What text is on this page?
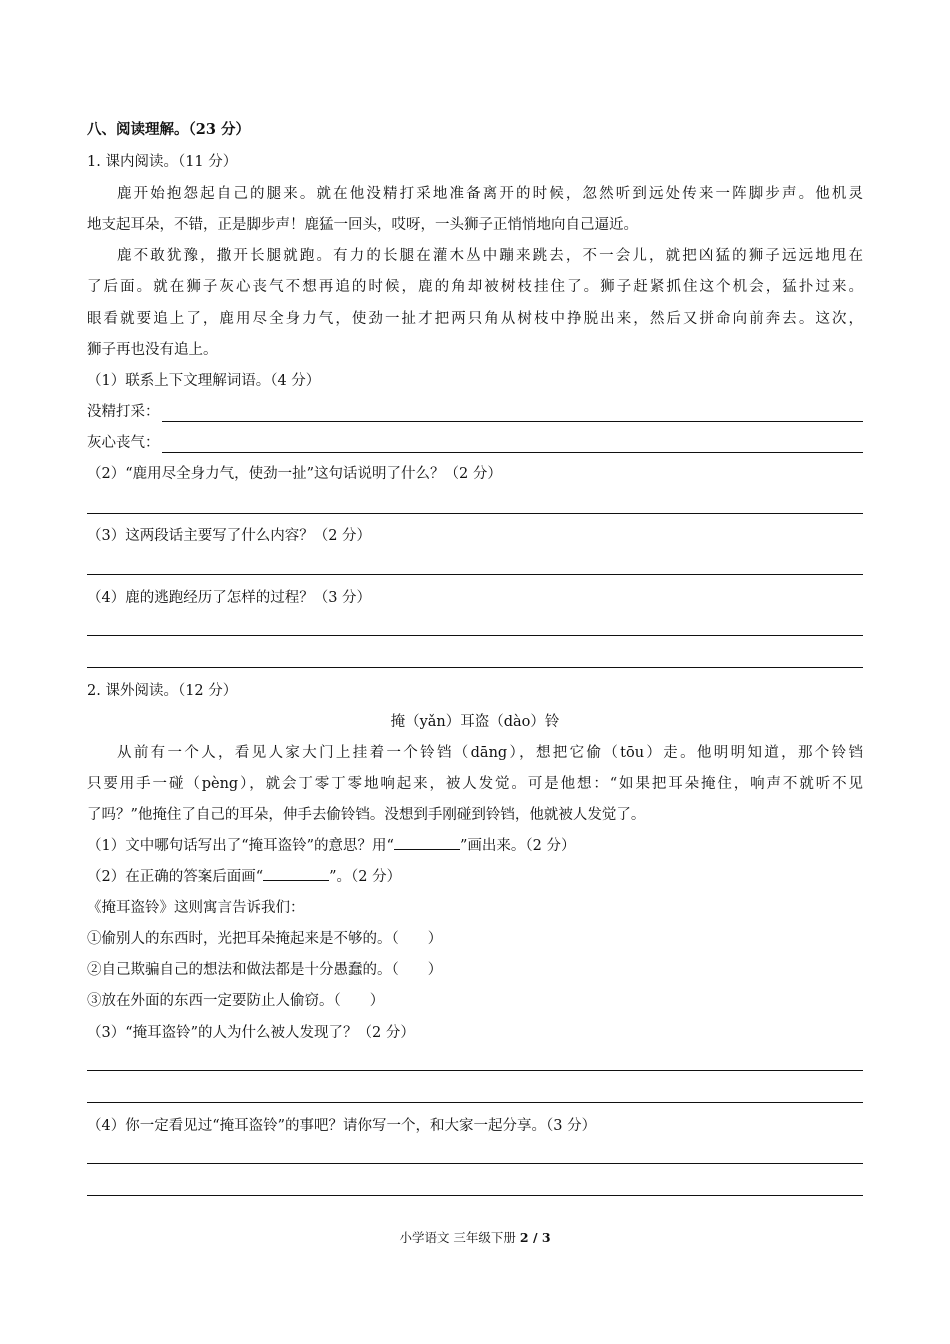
八、阅读理解。（23 分）
1. 课内阅读。（11 分）
鹿开始抱怨起自己的腿来。就在他没精打采地准备离开的时候，忽然听到远处传来一阵脚步声。他机灵
地支起耳朵，不错，正是脚步声！鹿猛一回头，哎呀，一头狮子正悄悄地向自己逼近。
鹿不敢犹豫，撒开长腿就跑。有力的长腿在灌木丛中蹦来跳去，不一会儿，就把凶猛的狮子远远地甩在
了后面。就在狮子灰心丧气不想再追的时候，鹿的角却被树枝挂住了。狮子赶紧抓住这个机会，猛扑过来。
眼看就要追上了，鹿用尽全身力气，使劲一扯才把两只角从树枝中挣脱出来，然后又拼命向前奔去。这次，
狮子再也没有追上。
（1）联系上下文理解词语。（4 分）
没精打采：
灰心丧气：
（2）“鹿用尽全身力气，使劲一扯”这句话说明了什么？（2 分）
（3）这两段话主要写了什么内容？（2 分）
（4）鹿的逃跑经历了怎样的过程？（3 分）
2. 课外阅读。（12 分）
掩（yǎn）耳盗（dào）铃
从前有一个人，看见人家大门上挂着一个铃铛（dāng），想把它偷（tōu）走。他明明知道，那个铃铛
只要用手一碰（pèng），就会丁零丁零地响起来，被人发觉。可是他想：“如果把耳朵掩住，响声不就听不见
了吗？”他掩住了自己的耳朵，伸手去偷铃铛。没想到手刚碰到铃铛，他就被人发觉了。
（1）文中哪句话写出了“掩耳盗铃”的意思？用“	”画出来。（2 分）
（2）在正确的答案后面画“	”。（2 分）
《掩耳盗铃》这则寓言告诉我们：
①偷别人的东西时，光把耳朵掩起来是不够的。（　　）
②自己欺骗自己的想法和做法都是十分愚蠢的。（　　）
③放在外面的东西一定要防止人偷窃。（　　）
（3）“掩耳盗铃”的人为什么被人发现了？（2 分）
（4）你一定看见过“掩耳盗铃”的事吧？请你写一个，和大家一起分享。（3 分）
小学语文 三年级下册 2 / 3
